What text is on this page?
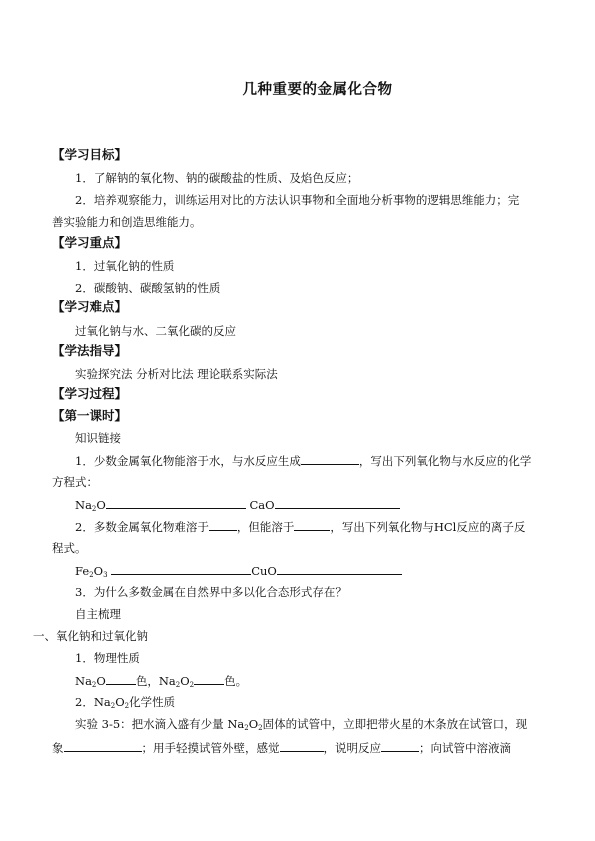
几种重要的金属化合物
【学习目标】
1．了解钠的氧化物、钠的碳酸盐的性质、及焰色反应；
2．培养观察能力，训练运用对比的方法认识事物和全面地分析事物的逻辑思维能力；完
善实验能力和创造思维能力。
【学习重点】
1．过氧化钠的性质
2．碳酸钠、碳酸氢钠的性质
【学习难点】
过氧化钠与水、二氧化碳的反应
【学法指导】
实验探究法 分析对比法 理论联系实际法
【学习过程】
【第一课时】
知识链接
1．少数金属氧化物能溶于水，与水反应生成	，写出下列氧化物与水反应的化学
方程式：
$Na_2O$	CaO
2．多数金属氧化物难溶于 ，但能溶于	，写出下列氧化物与HCl反应的离子反
程式。
$Fe_2O_3$	CuO
3．为什么多数金属在自然界中多以化合态形式存在？
自主梳理
一、氧化钠和过氧化钠
1．物理性质
$Na_2O$	色，$Na_2O_2$	色。
2．$Na_2O_2$化学性质
实验 3-5：把水滴入盛有少量 $Na_2O_2$固体的试管中，立即把带火星的木条放在试管口，现
象	；用手轻摸试管外壁，感觉	，说明反应	；向试管中溶液滴
